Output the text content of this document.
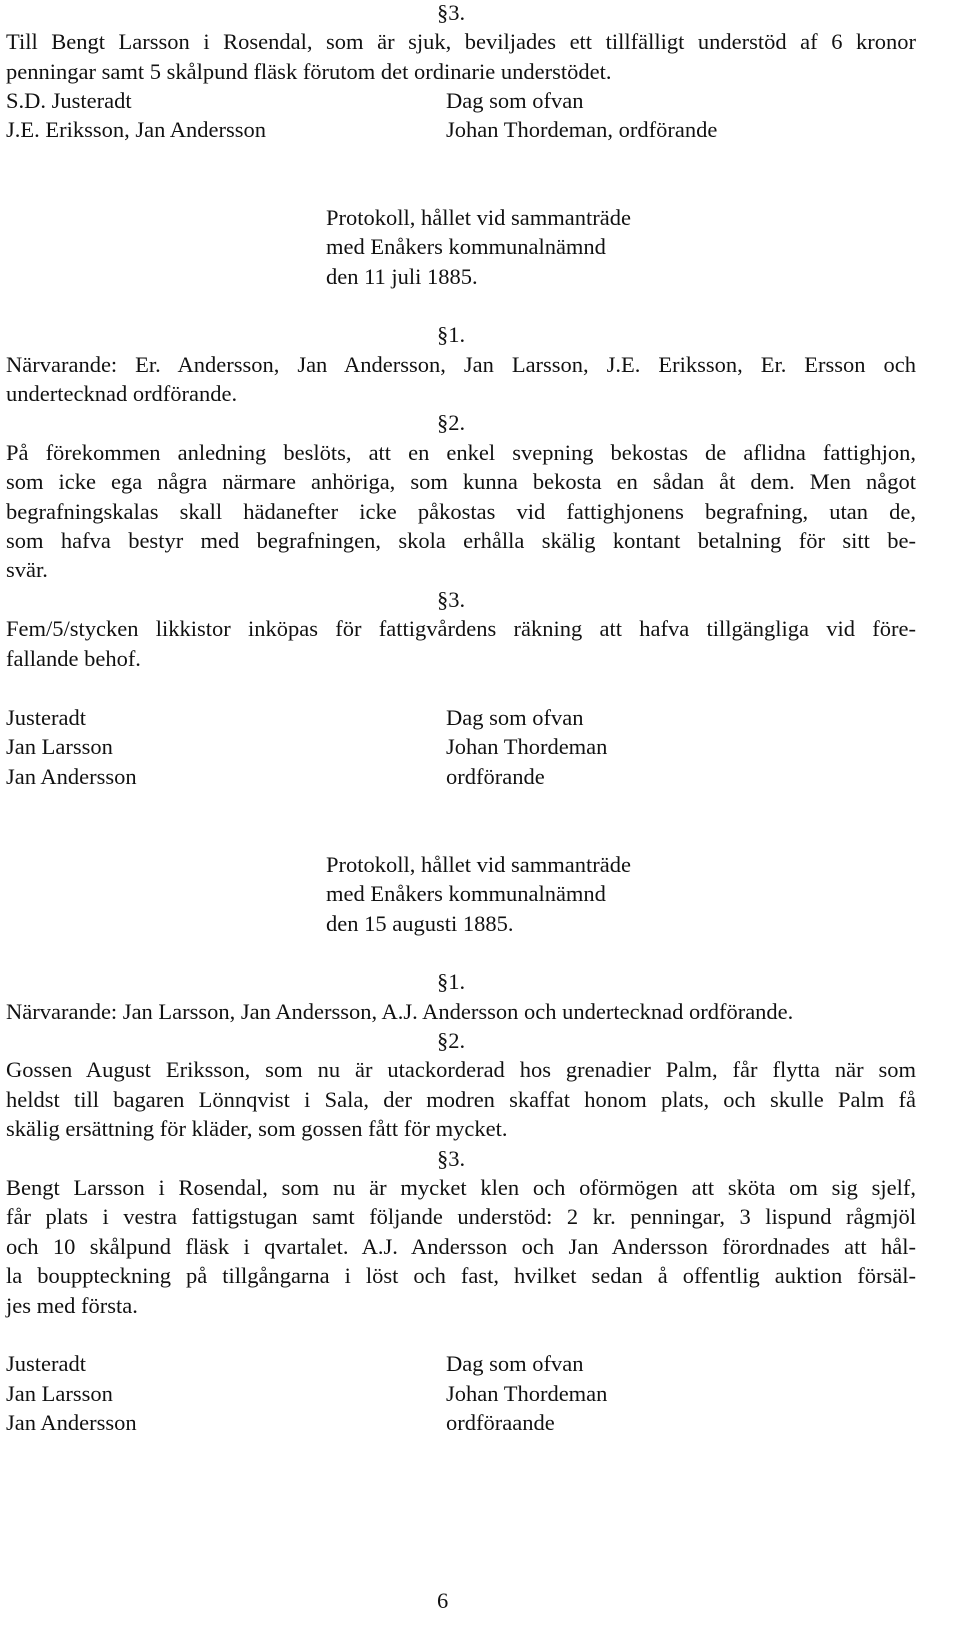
§3.
Till Bengt Larsson i Rosendal, som är sjuk, beviljades ett tillfälligt understöd af 6 kronor
penningar samt 5 skålpund fläsk förutom det ordinarie understödet.
S.D. Justeradt	Dag som ofvan
J.E. Eriksson, Jan Andersson	Johan Thordeman, ordförande
Protokoll, hållet vid sammanträde
med Enåkers kommunalnämnd
den 11 juli 1885.
§1.
Närvarande: Er. Andersson, Jan Andersson, Jan Larsson, J.E. Eriksson, Er. Ersson och
undertecknad ordförande.
§2.
På förekommen anledning beslöts, att en enkel svepning bekostas de aflidna fattighjon,
som icke ega några närmare anhöriga, som kunna bekosta en sådan åt dem. Men något
begrafningskalas skall hädanefter icke påkostas vid fattighjonens begrafning, utan de,
som hafva bestyr med begrafningen, skola erhålla skälig kontant betalning för sitt be-
svär.
§3.
Fem/5/stycken likkistor inköpas för fattigvårdens räkning att hafva tillgängliga vid före-
fallande behof.
Justeradt	Dag som ofvan
Jan Larsson	Johan Thordeman
Jan Andersson	ordförande
Protokoll, hållet vid sammanträde
med Enåkers kommunalnämnd
den 15 augusti 1885.
§1.
Närvarande: Jan Larsson, Jan Andersson, A.J. Andersson och undertecknad ordförande.
§2.
Gossen August Eriksson, som nu är utackorderad hos grenadier Palm, får flytta när som
heldst till bagaren Lönnqvist i Sala, der modren skaffat honom plats, och skulle Palm få
skälig ersättning för kläder, som gossen fått för mycket.
§3.
Bengt Larsson i Rosendal, som nu är mycket klen och oförmögen att sköta om sig sjelf,
får plats i vestra fattigstugan samt följande understöd: 2 kr. penningar, 3 lispund rågmjöl
och 10 skålpund fläsk i qvartalet. A.J. Andersson och Jan Andersson förordnades att hål-
la bouppteckning på tillgångarna i löst och fast, hvilket sedan å offentlig auktion försäl-
jes med första.
Justeradt	Dag som ofvan
Jan Larsson	Johan Thordeman
Jan Andersson	ordföraande
6
